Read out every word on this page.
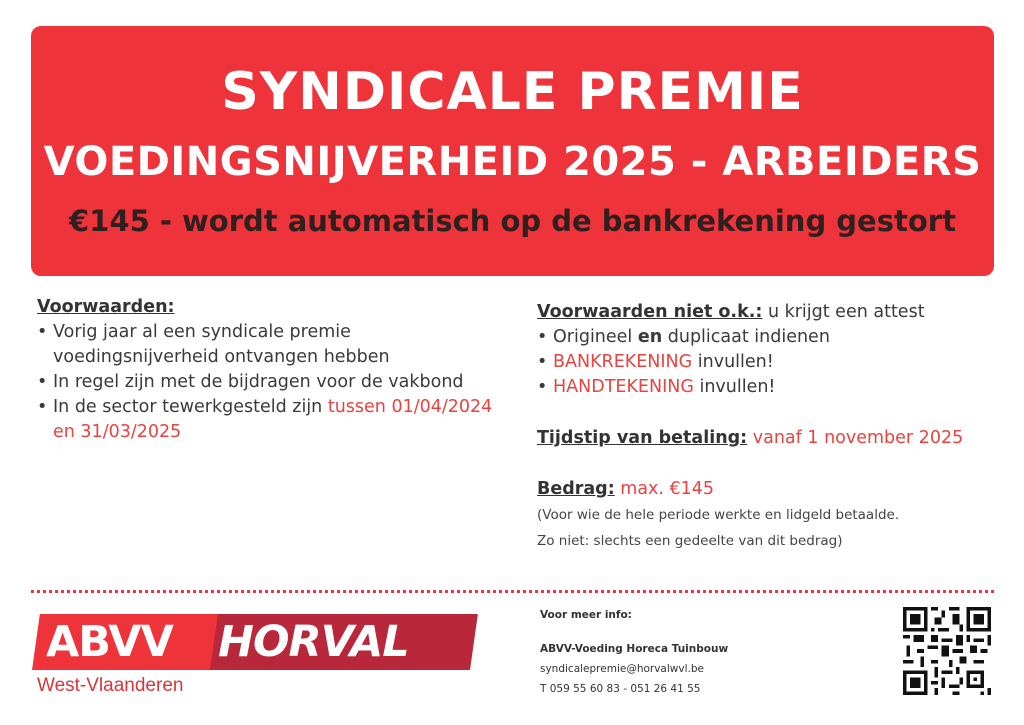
SYNDICALE PREMIE
VOEDINGSNIJVERHEID 2025 - ARBEIDERS
€145 - wordt automatisch op de bankrekening gestort
Voorwaarden:
• Vorig jaar al een syndicale premie voedingsnijverheid ontvangen hebben
• In regel zijn met de bijdragen voor de vakbond
• In de sector tewerkgesteld zijn tussen 01/04/2024 en 31/03/2025
Voorwaarden niet o.k.: u krijgt een attest
• Origineel en duplicaat indienen
• BANKREKENING invullen!
• HANDTEKENING invullen!
Tijdstip van betaling: vanaf 1 november 2025
Bedrag: max. €145
(Voor wie de hele periode werkte en lidgeld betaalde.
Zo niet: slechts een gedeelte van dit bedrag)
ABVV HORVAL
West-Vlaanderen
Voor meer info:
ABVV-Voeding Horeca Tuinbouw
syndicalepremie@horvalwvl.be
T 059 55 60 83 - 051 26 41 55
